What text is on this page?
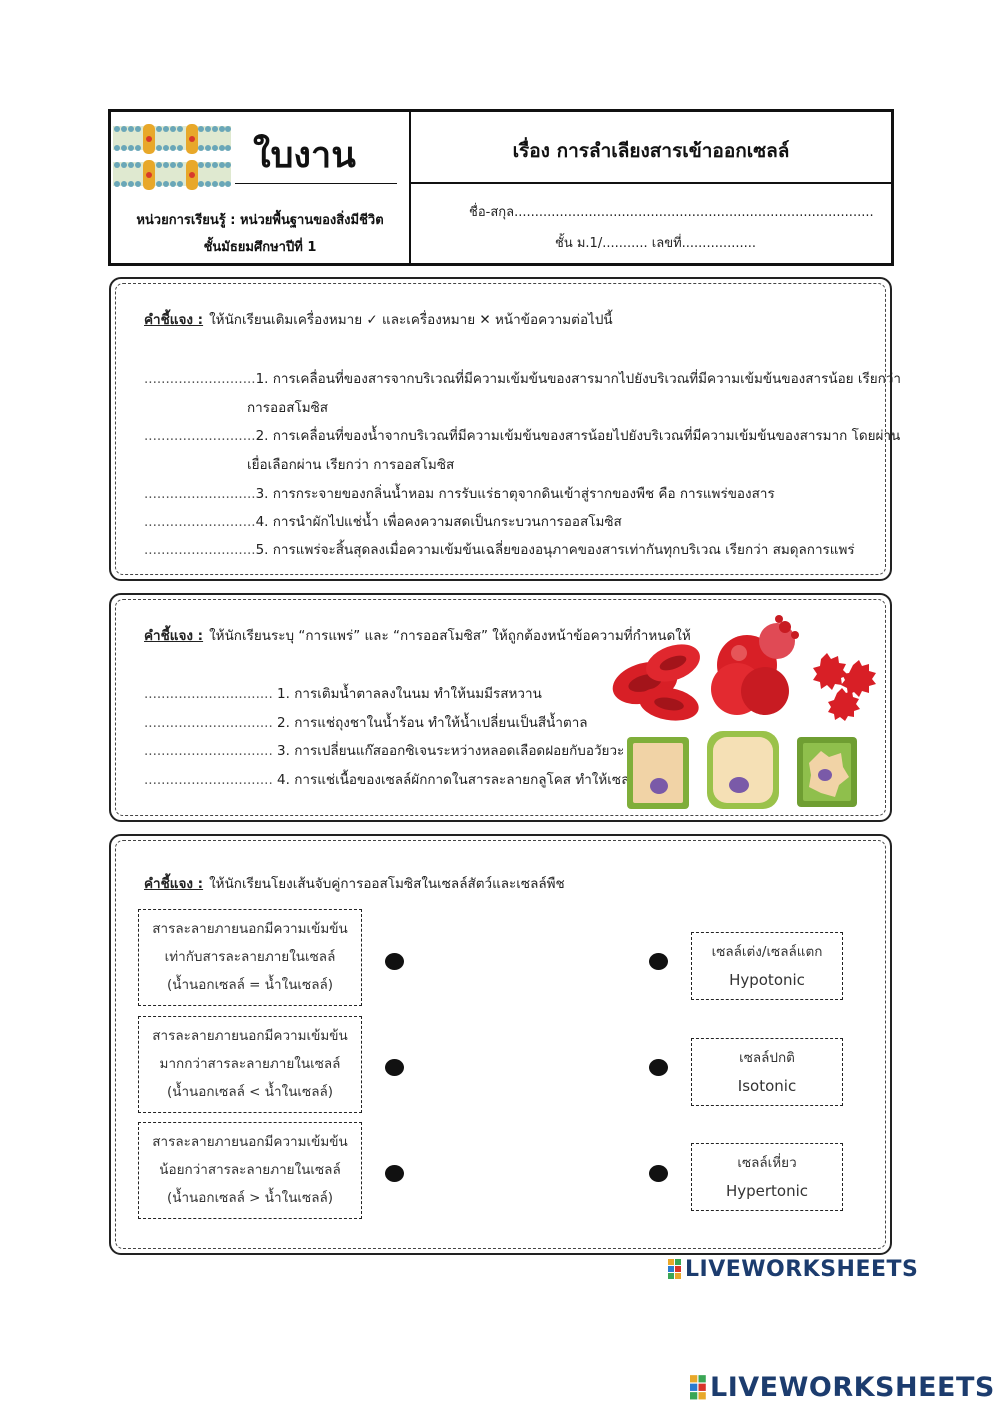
ใบงาน
หน่วยการเรียนรู้ : หน่วยพื้นฐานของสิ่งมีชีวิต
ชั้นมัธยมศึกษาปีที่ 1
เรื่อง การลำเลียงสารเข้าออกเซลล์
ชื่อ-สกุล.......................................................................................
ชั้น ม.1/........... เลขที่..................
คำชี้แจง : ให้นักเรียนเติมเครื่องหมาย ✓ และเครื่องหมาย ✕ หน้าข้อความต่อไปนี้
..........................1. การเคลื่อนที่ของสารจากบริเวณที่มีความเข้มข้นของสารมากไปยังบริเวณที่มีความเข้มข้นของสารน้อย เรียกว่า
การออสโมซิส
..........................2. การเคลื่อนที่ของน้ำจากบริเวณที่มีความเข้มข้นของสารน้อยไปยังบริเวณที่มีความเข้มข้นของสารมาก โดยผ่าน
เยื่อเลือกผ่าน เรียกว่า การออสโมซิส
..........................3. การกระจายของกลิ่นน้ำหอม การรับแร่ธาตุจากดินเข้าสู่รากของพืช คือ การแพร่ของสาร
..........................4. การนำผักไปแช่น้ำ เพื่อคงความสดเป็นกระบวนการออสโมซิส
..........................5. การแพร่จะสิ้นสุดลงเมื่อความเข้มข้นเฉลี่ยของอนุภาคของสารเท่ากันทุกบริเวณ เรียกว่า สมดุลการแพร่
คำชี้แจง : ให้นักเรียนระบุ “การแพร่” และ “การออสโมซิส” ให้ถูกต้องหน้าข้อความที่กำหนดให้
.............................. 1. การเติมน้ำตาลลงในนม ทำให้นมมีรสหวาน
.............................. 2. การแช่ถุงชาในน้ำร้อน ทำให้น้ำเปลี่ยนเป็นสีน้ำตาล
.............................. 3. การเปลี่ยนแก๊สออกซิเจนระหว่างหลอดเลือดฝอยกับอวัยวะ
.............................. 4. การแช่เนื้อของเซลล์ผักกาดในสารละลายกลูโคส ทำให้เซลล์แห้ง
คำชี้แจง : ให้นักเรียนโยงเส้นจับคู่การออสโมซิสในเซลล์สัตว์และเซลล์พืช
สารละลายภายนอกมีความเข้มข้น
เท่ากับสารละลายภายในเซลล์
(น้ำนอกเซลล์ = น้ำในเซลล์)
สารละลายภายนอกมีความเข้มข้น
มากกว่าสารละลายภายในเซลล์
(น้ำนอกเซลล์ < น้ำในเซลล์)
สารละลายภายนอกมีความเข้มข้น
น้อยกว่าสารละลายภายในเซลล์
(น้ำนอกเซลล์ > น้ำในเซลล์)
เซลล์เต่ง/เซลล์แตก
Hypotonic
เซลล์ปกติ
Isotonic
เซลล์เหี่ยว
Hypertonic
LIVEWORKSHEETS
LIVEWORKSHEETS
